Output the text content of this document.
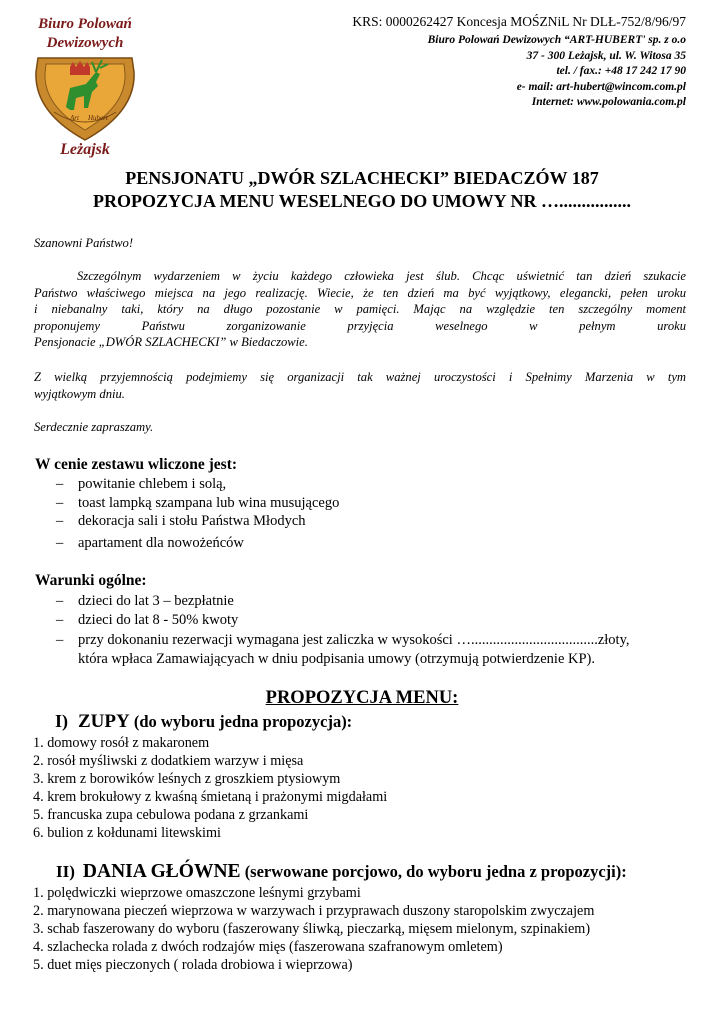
Biuro Polowań
Dewizowych
Art Hubert
Leżajsk
KRS: 0000262427 Koncesja MOŚZNiL Nr DLŁ-752/8/96/97
Biuro Polowań Dewizowych “ART-HUBERT' sp. z o.o
37 - 300 Leżajsk, ul. W. Witosa 35
tel. / fax.: +48 17 242 17 90
e- mail: art-hubert@wincom.com.pl
Internet: www.polowania.com.pl
PENSJONATU „DWÓR SZLACHECKI” BIEDACZÓW 187
PROPOZYCJA MENU WESELNEGO DO UMOWY NR …................
Szanowni Państwo!
Szczególnym wydarzeniem w życiu każdego człowieka jest ślub. Chcąc uświetnić tan dzień szukacie
Państwo właściwego miejsca na jego realizację. Wiecie, że ten dzień ma być wyjątkowy, elegancki, pełen uroku
i niebanalny taki, który na długo pozostanie w pamięci. Mając na względzie ten szczególny moment
proponujemy Państwu zorganizowanie przyjęcia weselnego w pełnym uroku
Pensjonacie „DWÓR SZLACHECKI” w Biedaczowie.
Z wielką przyjemnością podejmiemy się organizacji tak ważnej uroczystości i Spełnimy Marzenia w tym
wyjątkowym dniu.
Serdecznie zapraszamy.
W cenie zestawu wliczone jest:
– powitanie chlebem i solą,
– toast lampką szampana lub wina musującego
– dekoracja sali i stołu Państwa Młodych
– apartament dla nowożeńców
Warunki ogólne:
– dzieci do lat 3 – bezpłatnie
– dzieci do lat 8 - 50% kwoty
– przy dokonaniu rezerwacji wymagana jest zaliczka w wysokości …...................................złoty,
która wpłaca Zamawiającyach w dniu podpisania umowy (otrzymują potwierdzenie KP).
PROPOZYCJA MENU:
I) ZUPY (do wyboru jedna propozycja):
1. domowy rosół z makaronem
2. rosół myśliwski z dodatkiem warzyw i mięsa
3. krem z borowików leśnych z groszkiem ptysiowym
4. krem brokułowy z kwaśną śmietaną i prażonymi migdałami
5. francuska zupa cebulowa podana z grzankami
6. bulion z kołdunami litewskimi
II) DANIA GŁÓWNE (serwowane porcjowo, do wyboru jedna z propozycji):
1. polędwiczki wieprzowe omaszczone leśnymi grzybami
2. marynowana pieczeń wieprzowa w warzywach i przyprawach duszony staropolskim zwyczajem
3. schab faszerowany do wyboru (faszerowany śliwką, pieczarką, mięsem mielonym, szpinakiem)
4. szlachecka rolada z dwóch rodzajów mięs (faszerowana szafranowym omletem)
5. duet mięs pieczonych ( rolada drobiowa i wieprzowa)
